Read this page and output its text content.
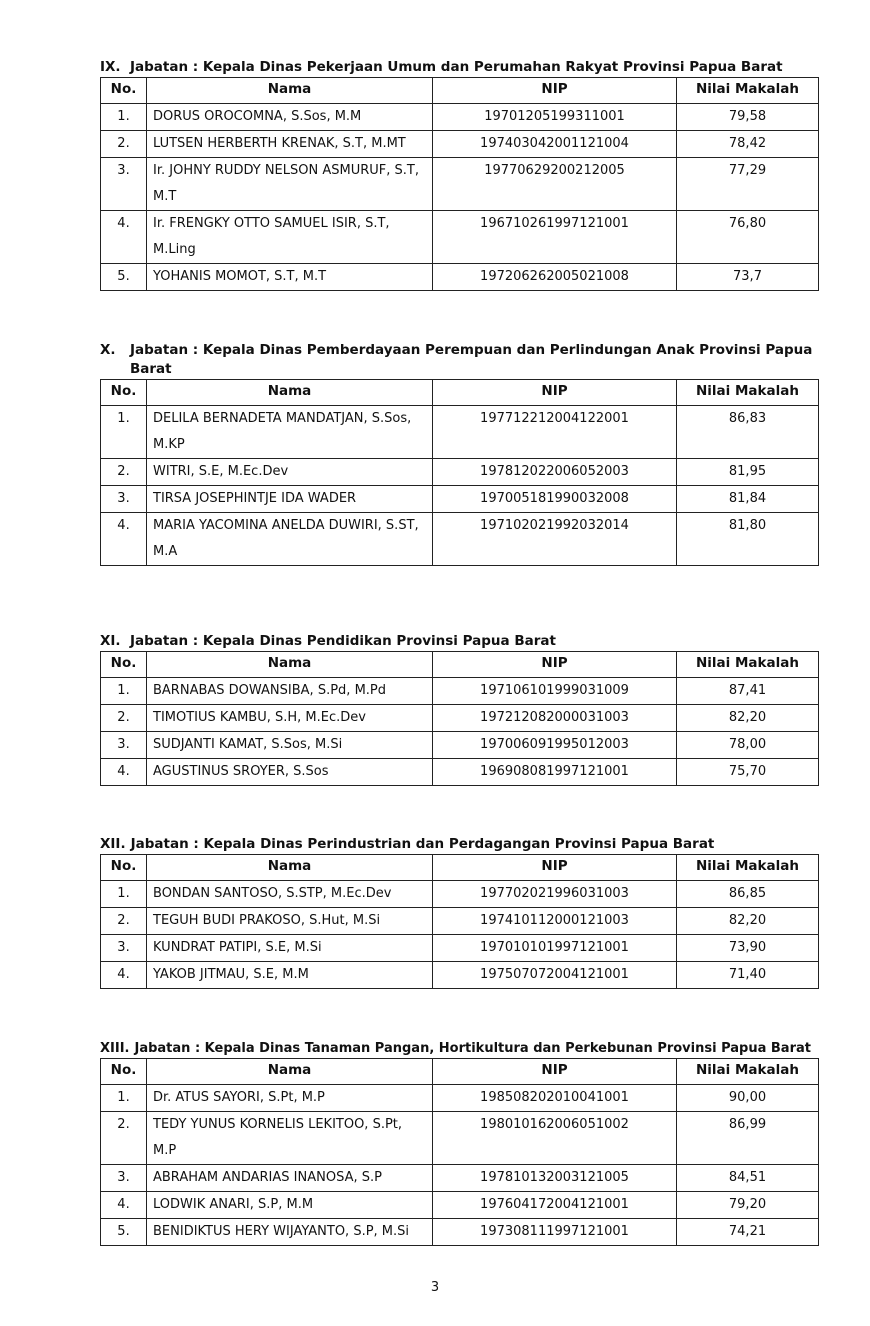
IX. Jabatan : Kepala Dinas Pekerjaan Umum dan Perumahan Rakyat Provinsi Papua Barat
No.	Nama	NIP	Nilai Makalah
1.	DORUS OROCOMNA, S.Sos, M.M	19701205199311001	79,58
2.	LUTSEN HERBERTH KRENAK, S.T, M.MT	197403042001121004	78,42
3.	Ir. JOHNY RUDDY NELSON ASMURUF, S.T, M.T	19770629200212005	77,29
4.	Ir. FRENGKY OTTO SAMUEL ISIR, S.T, M.Ling	196710261997121001	76,80
5.	YOHANIS MOMOT, S.T, M.T	197206262005021008	73,7
X.	Jabatan : Kepala Dinas Pemberdayaan Perempuan dan Perlindungan Anak Provinsi Papua Barat
No.	Nama	NIP	Nilai Makalah
1.	DELILA BERNADETA MANDATJAN, S.Sos, M.KP	197712212004122001	86,83
2.	WITRI, S.E, M.Ec.Dev	197812022006052003	81,95
3.	TIRSA JOSEPHINTJE IDA WADER	197005181990032008	81,84
4.	MARIA YACOMINA ANELDA DUWIRI, S.ST, M.A	197102021992032014	81,80
XI. Jabatan : Kepala Dinas Pendidikan Provinsi Papua Barat
No.	Nama	NIP	Nilai Makalah
1.	BARNABAS DOWANSIBA, S.Pd, M.Pd	197106101999031009	87,41
2.	TIMOTIUS KAMBU, S.H, M.Ec.Dev	197212082000031003	82,20
3.	SUDJANTI KAMAT, S.Sos, M.Si	197006091995012003	78,00
4.	AGUSTINUS SROYER, S.Sos	196908081997121001	75,70
XII. Jabatan : Kepala Dinas Perindustrian dan Perdagangan Provinsi Papua Barat
No.	Nama	NIP	Nilai Makalah
1.	BONDAN SANTOSO, S.STP, M.Ec.Dev	197702021996031003	86,85
2.	TEGUH BUDI PRAKOSO, S.Hut, M.Si	197410112000121003	82,20
3.	KUNDRAT PATIPI, S.E, M.Si	197010101997121001	73,90
4.	YAKOB JITMAU, S.E, M.M	197507072004121001	71,40
XIII. Jabatan : Kepala Dinas Tanaman Pangan, Hortikultura dan Perkebunan Provinsi Papua Barat
No.	Nama	NIP	Nilai Makalah
1.	Dr. ATUS SAYORI, S.Pt, M.P	198508202010041001	90,00
2.	TEDY YUNUS KORNELIS LEKITOO, S.Pt, M.P	198010162006051002	86,99
3.	ABRAHAM ANDARIAS INANOSA, S.P	197810132003121005	84,51
4.	LODWIK ANARI, S.P, M.M	197604172004121001	79,20
5.	BENIDIKTUS HERY WIJAYANTO, S.P, M.Si	197308111997121001	74,21
3
